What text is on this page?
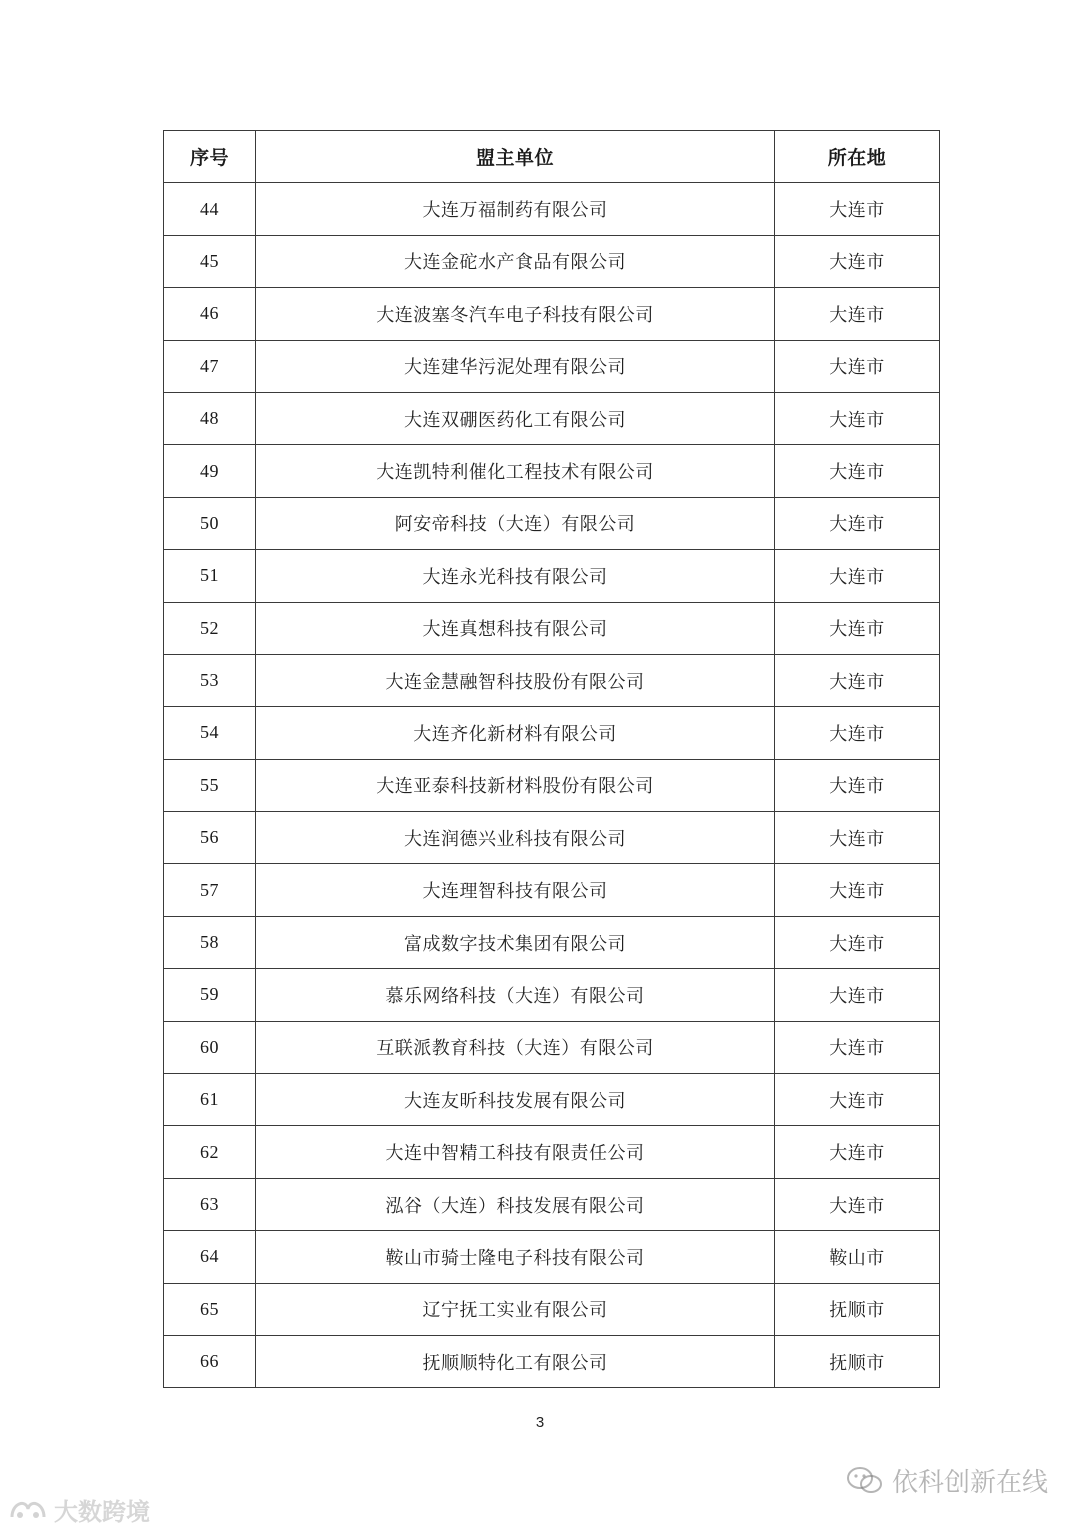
序号	盟主单位	所在地
44	大连万福制药有限公司	大连市
45	大连金砣水产食品有限公司	大连市
46	大连波塞冬汽车电子科技有限公司	大连市
47	大连建华污泥处理有限公司	大连市
48	大连双硼医药化工有限公司	大连市
49	大连凯特利催化工程技术有限公司	大连市
50	阿安帝科技（大连）有限公司	大连市
51	大连永光科技有限公司	大连市
52	大连真想科技有限公司	大连市
53	大连金慧融智科技股份有限公司	大连市
54	大连齐化新材料有限公司	大连市
55	大连亚泰科技新材料股份有限公司	大连市
56	大连润德兴业科技有限公司	大连市
57	大连理智科技有限公司	大连市
58	富成数字技术集团有限公司	大连市
59	慕乐网络科技（大连）有限公司	大连市
60	互联派教育科技（大连）有限公司	大连市
61	大连友昕科技发展有限公司	大连市
62	大连中智精工科技有限责任公司	大连市
63	泓谷（大连）科技发展有限公司	大连市
64	鞍山市骑士隆电子科技有限公司	鞍山市
65	辽宁抚工实业有限公司	抚顺市
66	抚顺顺特化工有限公司	抚顺市
3
依科创新在线
大数跨境
